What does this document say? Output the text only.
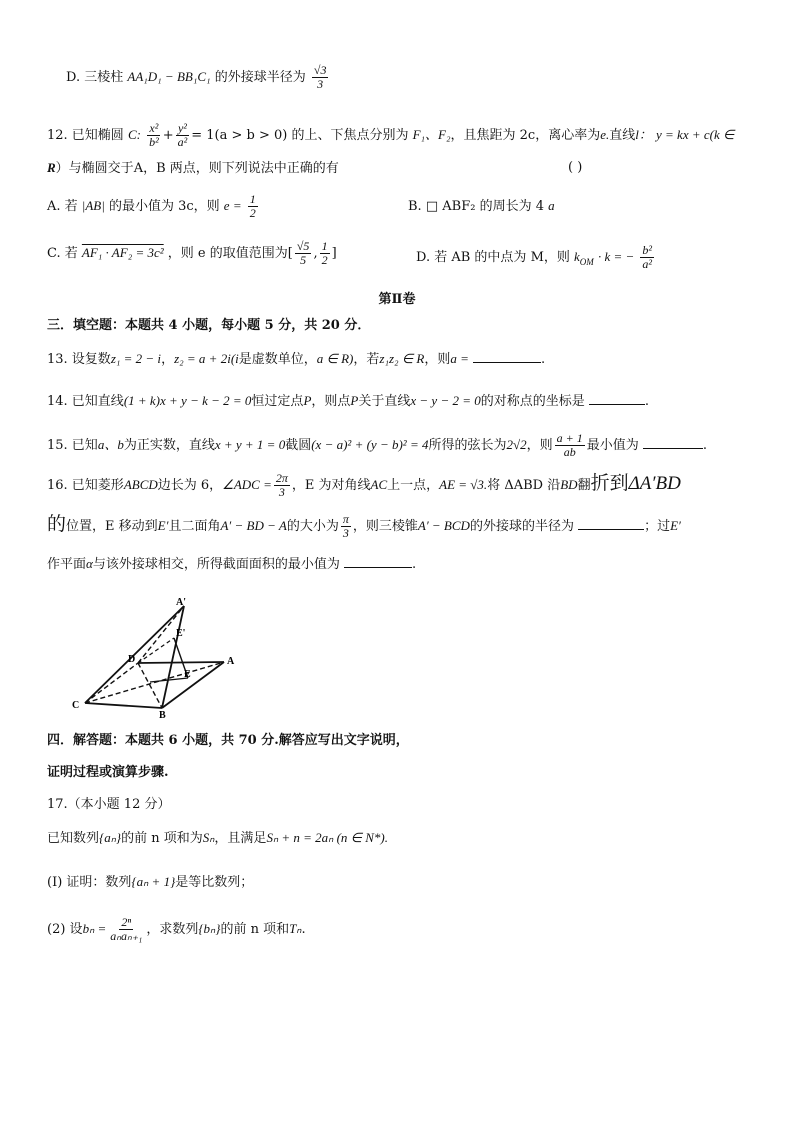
D. 三棱柱 AA₁D₁ − BB₁C₁ 的外接球半径为 $\frac{√3}{3}$
12. 已知椭圆 C: $\frac{\text{x²}}{\text{b²}} + \frac{\text{y²}}{\text{a²}} = 1(a > b > 0)$ 的上、下焦点分别为 F₁、F₂，且焦距为 2c，离心率为e.直线l： y = kx + c(k ∈
R）与椭圆交于A，B 两点，则下列说法中正确的有	( )
A. 若 |AB| 的最小值为 3c，则 $e = \frac{1}{2}$	B. □ ABF₂ 的周长为 4 a
C. 若 AF₁ · AF₂ = 3c² ，则 e 的取值范围为[ $\frac{√5}{5}$ , $\frac{1}{2}$ ]	D. 若 AB 的中点为 M，则 $k_{OM} \cdot k$ = − $\frac{\text{b²}}{\text{a²}}$
第Ⅱ卷
三．填空题：本题共 4 小题，每小题 5 分，共 20 分．
13. 设复数z₁ = 2 − i，z₂ = a + 2i(i是虚数单位，a ∈ R)，若z₁z₂ ∈ R，则a =	.
14. 已知直线(1 + k)x + y − k − 2 = 0恒过定点P，则点P关于直线x − y − 2 = 0的对称点的坐标是	.
15. 已知a、b为正实数，直线x + y + 1 = 0截圆(x − a)² + (y − b)² = 4所得的弦长为2√2，则 $\frac{a + 1}{ab}$ 最小值为	.
16. 已知菱形ABCD边长为 6，∠ADC = $\frac{2\pi}{3}$ ，E 为对角线AC上一点，AE = √3.将 ΔABD 沿BD翻折到ΔA′BD
的位置，E 移动到E′且二面角A′ − BD − A的大小为 $\frac{\pi}{3}$ ，则三棱锥A′ − BCD的外接球的半径为	；过E′
作平面α与该外接球相交，所得截面面积的最小值为	.
A'
E'
D	A
E
C
B
四．解答题：本题共 6 小题，共 70 分.解答应写出文字说明，
证明过程或演算步骤.
17.（本小题 12 分）
已知数列{aₙ}的前 n 项和为Sₙ，且满足Sₙ + n = 2aₙ (n ∈ N*).
(Ⅰ) 证明：数列{aₙ + 1}是等比数列；
(2) 设$b_n = \frac{\text{2ⁿ}}{\text{aₙaₙ₊₁}}$ ，求数列{bₙ}的前 n 项和Tₙ.
